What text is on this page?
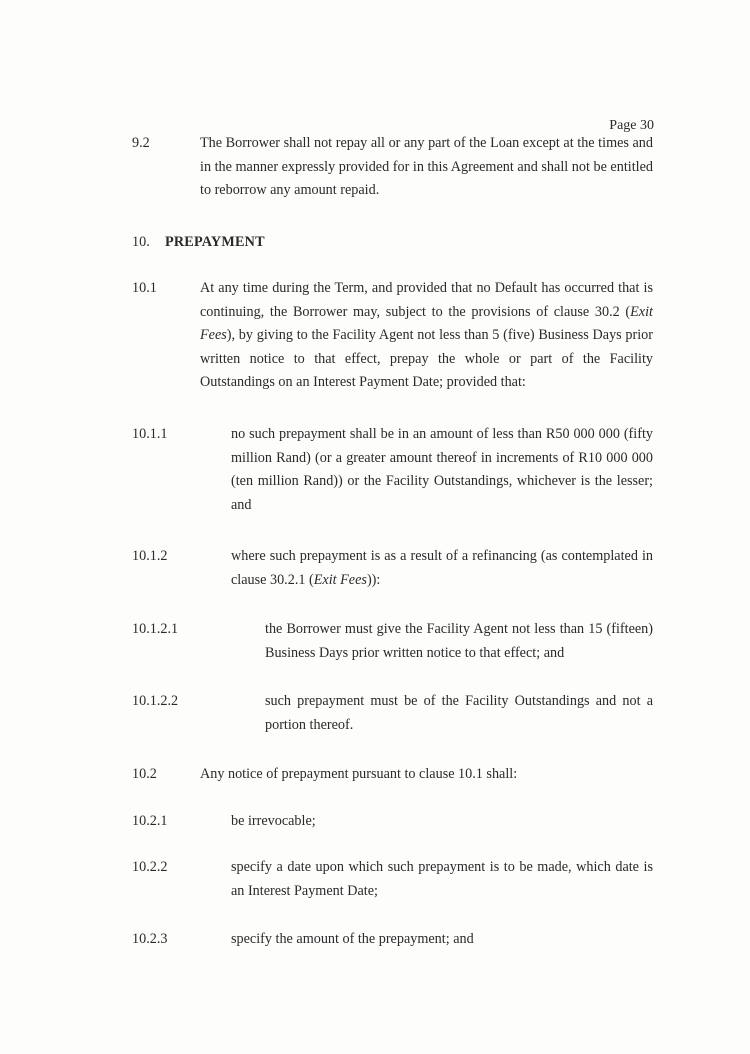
Page 30
9.2	The Borrower shall not repay all or any part of the Loan except at the times and in the manner expressly provided for in this Agreement and shall not be entitled to reborrow any amount repaid.
10. PREPAYMENT
10.1	At any time during the Term, and provided that no Default has occurred that is continuing, the Borrower may, subject to the provisions of clause 30.2 (Exit Fees), by giving to the Facility Agent not less than 5 (five) Business Days prior written notice to that effect, prepay the whole or part of the Facility Outstandings on an Interest Payment Date; provided that:
10.1.1	no such prepayment shall be in an amount of less than R50 000 000 (fifty million Rand) (or a greater amount thereof in increments of R10 000 000 (ten million Rand)) or the Facility Outstandings, whichever is the lesser; and
10.1.2	where such prepayment is as a result of a refinancing (as contemplated in clause 30.2.1 (Exit Fees)):
10.1.2.1	the Borrower must give the Facility Agent not less than 15 (fifteen) Business Days prior written notice to that effect; and
10.1.2.2	such prepayment must be of the Facility Outstandings and not a portion thereof.
10.2	Any notice of prepayment pursuant to clause 10.1 shall:
10.2.1	be irrevocable;
10.2.2	specify a date upon which such prepayment is to be made, which date is an Interest Payment Date;
10.2.3	specify the amount of the prepayment; and
